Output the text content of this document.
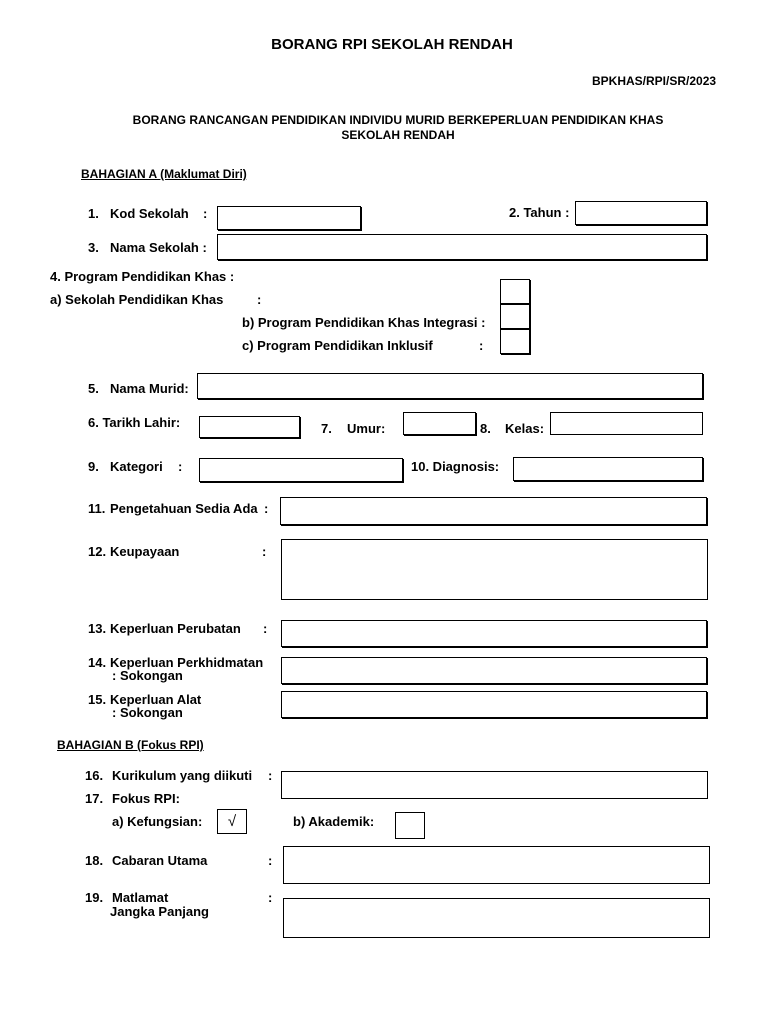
BORANG RPI SEKOLAH RENDAH
BPKHAS/RPI/SR/2023
BORANG RANCANGAN PENDIDIKAN INDIVIDU MURID BERKEPERLUAN PENDIDIKAN KHAS
SEKOLAH RENDAH
BAHAGIAN A (Maklumat Diri)
1. Kod Sekolah :	2. Tahun :
3. Nama Sekolah :
4. Program Pendidikan Khas :
a) Sekolah Pendidikan Khas	:
b) Program Pendidikan Khas Integrasi :
c) Program Pendidikan Inklusif	:
5. Nama Murid:
6. Tarikh Lahir:	7. Umur:	8. Kelas:
9. Kategori :	10. Diagnosis:
11. Pengetahuan Sedia Ada :
12. Keupayaan	:
13. Keperluan Perubatan :
14. Keperluan Perkhidmatan
: Sokongan
15. Keperluan Alat
: Sokongan
BAHAGIAN B (Fokus RPI)
16. Kurikulum yang diikuti :
17. Fokus RPI:
a) Kefungsian:	√	b) Akademik:
18. Cabaran Utama	:
19. Matlamat
Jangka Panjang
:
